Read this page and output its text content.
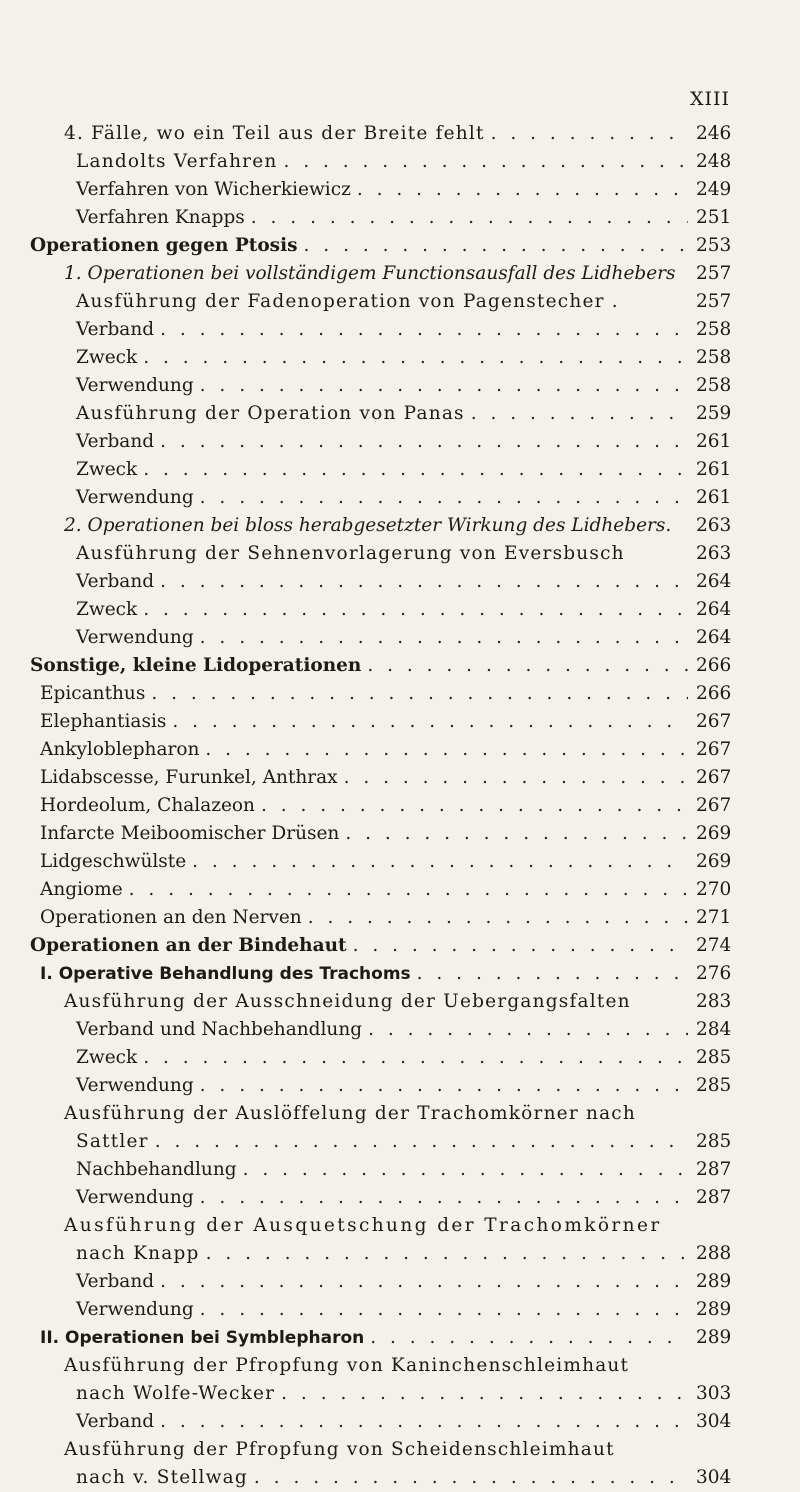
XIII
4. Fälle, wo ein Teil aus der Breite fehlt . . .	246
Landolts Verfahren . . .	248
Verfahren von Wicherkiewicz . . .	249
Verfahren Knapps . . .	251
Operationen gegen Ptosis . . .	253
1. Operationen bei vollständigem Functionsausfall des Lidhebers 257
Ausführung der Fadenoperation von Pagenstecher .	257
Verband . . .	258
Zweck . . .	258
Verwendung . . .	258
Ausführung der Operation von Panas . . .	259
Verband . . .	261
Zweck . . .	261
Verwendung . . .	261
2. Operationen bei bloss herabgesetzter Wirkung des Lidhebers. 263
Ausführung der Sehnenvorlagerung von Eversbusch	263
Verband . . .	264
Zweck . . .	264
Verwendung . . .	264
Sonstige, kleine Lidoperationen . . .	266
Epicanthus . . .	266
Elephantiasis . . .	267
Ankyloblepharon . . .	267
Lidabscesse, Furunkel, Anthrax . . .	267
Hordeolum, Chalazeon . . .	267
Infarcte Meiboomischer Drüsen . . .	269
Lidgeschwülste . . .	269
Angiome . . .	270
Operationen an den Nerven . . .	271
Operationen an der Bindehaut . . .	274
I. Operative Behandlung des Trachoms . . .	276
Ausführung der Ausschneidung der Uebergangsfalten	283
Verband und Nachbehandlung . . .	284
Zweck . . .	285
Verwendung . . .	285
Ausführung der Auslöffelung der Trachomkörner nach
Sattler . . .	285
Nachbehandlung . . .	287
Verwendung . . .	287
Ausführung der Ausquetschung der Trachomkörner
nach Knapp . . .	288
Verband . . .	289
Verwendung . . .	289
II. Operationen bei Symblepharon . . .	289
Ausführung der Pfropfung von Kaninchenschleimhaut
nach Wolfe-Wecker . . .	303
Verband . . .	304
Ausführung der Pfropfung von Scheidenschleimhaut
nach v. Stellwag . . .	304
